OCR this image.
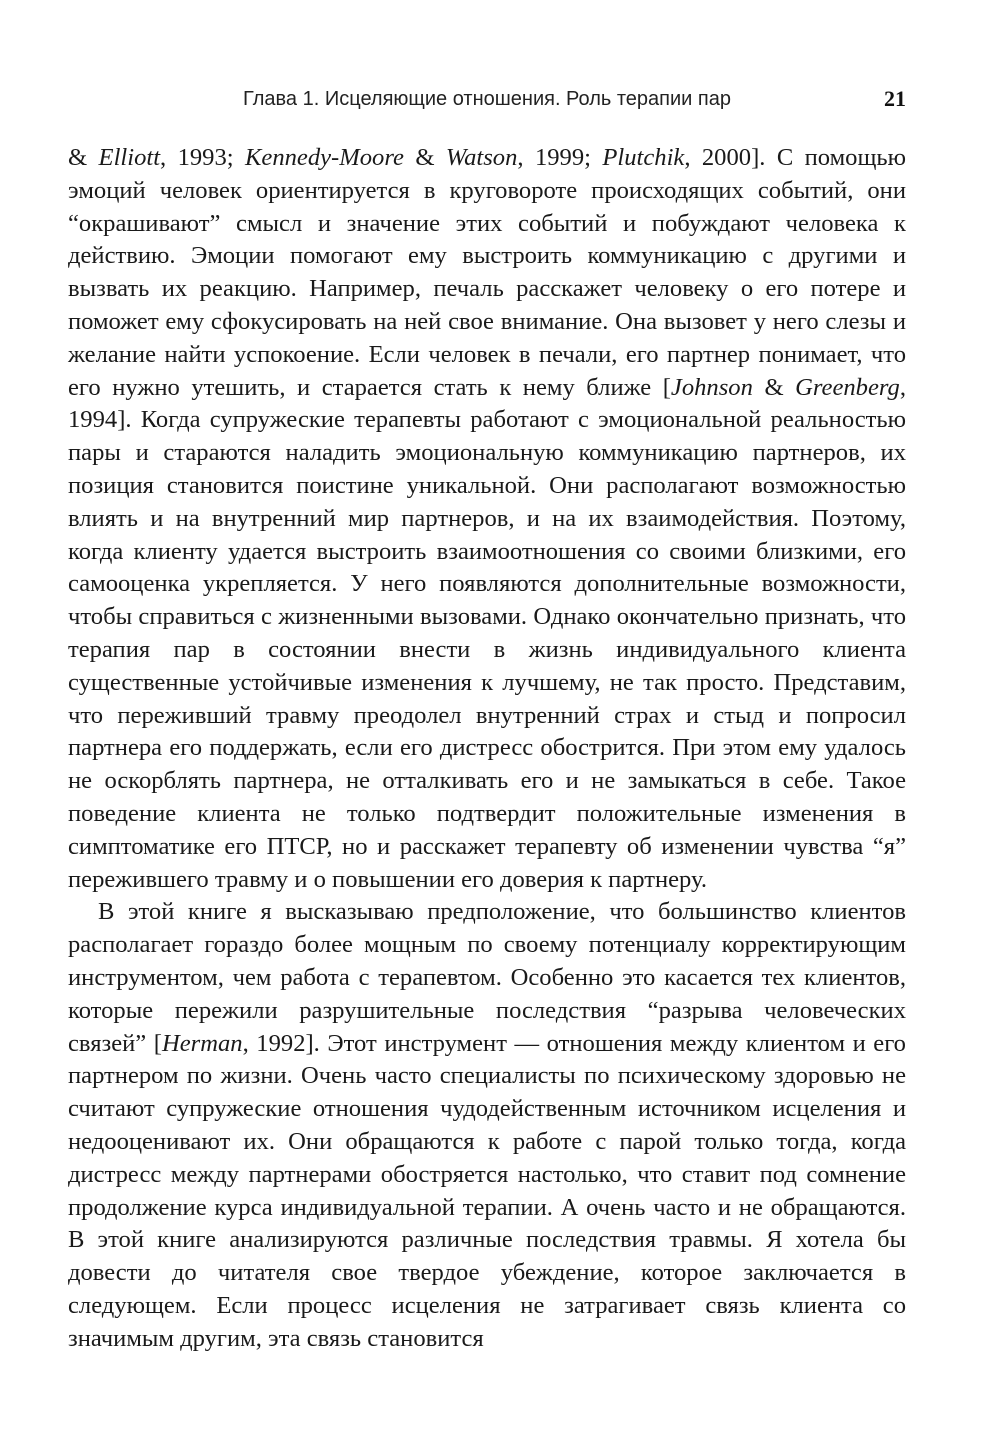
Глава 1. Исцеляющие отношения. Роль терапии пар	21

& Elliott, 1993; Kennedy-Moore & Watson, 1999; Plutchik, 2000]. С помощью эмоций человек ориентируется в круговороте происходящих событий, они “окрашивают” смысл и значение этих событий и побуждают человека к действию. Эмоции помогают ему выстроить коммуникацию с другими и вызвать их реакцию. Например, печаль расскажет человеку о его потере и поможет ему сфокусировать на ней свое внимание. Она вызовет у него слезы и желание найти успокоение. Если человек в печали, его партнер понимает, что его нужно утешить, и старается стать к нему ближе [Johnson & Greenberg, 1994]. Когда супружеские терапевты работают с эмоциональной реальностью пары и стараются наладить эмоциональную коммуникацию партнеров, их позиция становится поистине уникальной. Они располагают возможностью влиять и на внутренний мир партнеров, и на их взаимодействия. Поэтому, когда клиенту удается выстроить взаимоотношения со своими близкими, его самооценка укрепляется. У него появляются дополнительные возможности, чтобы справиться с жизненными вызовами. Однако окончательно признать, что терапия пар в состоянии внести в жизнь индивидуального клиента существенные устойчивые изменения к лучшему, не так просто. Представим, что переживший травму преодолел внутренний страх и стыд и попросил партнера его поддержать, если его дистресс обострится. При этом ему удалось не оскорблять партнера, не отталкивать его и не замыкаться в себе. Такое поведение клиента не только подтвердит положительные изменения в симптоматике его ПТСР, но и расскажет терапевту об изменении чувства “я” пережившего травму и о повышении его доверия к партнеру.

В этой книге я высказываю предположение, что большинство клиентов располагает гораздо более мощным по своему потенциалу корректирующим инструментом, чем работа с терапевтом. Особенно это касается тех клиентов, которые пережили разрушительные последствия “разрыва человеческих связей” [Herman, 1992]. Этот инструмент — отношения между клиентом и его партнером по жизни. Очень часто специалисты по психическому здоровью не считают супружеские отношения чудодейственным источником исцеления и недооценивают их. Они обращаются к работе с парой только тогда, когда дистресс между партнерами обостряется настолько, что ставит под сомнение продолжение курса индивидуальной терапии. А очень часто и не обращаются. В этой книге анализируются различные последствия травмы. Я хотела бы довести до читателя свое твердое убеждение, которое заключается в следующем. Если процесс исцеления не затрагивает связь клиента со значимым другим, эта связь становится
